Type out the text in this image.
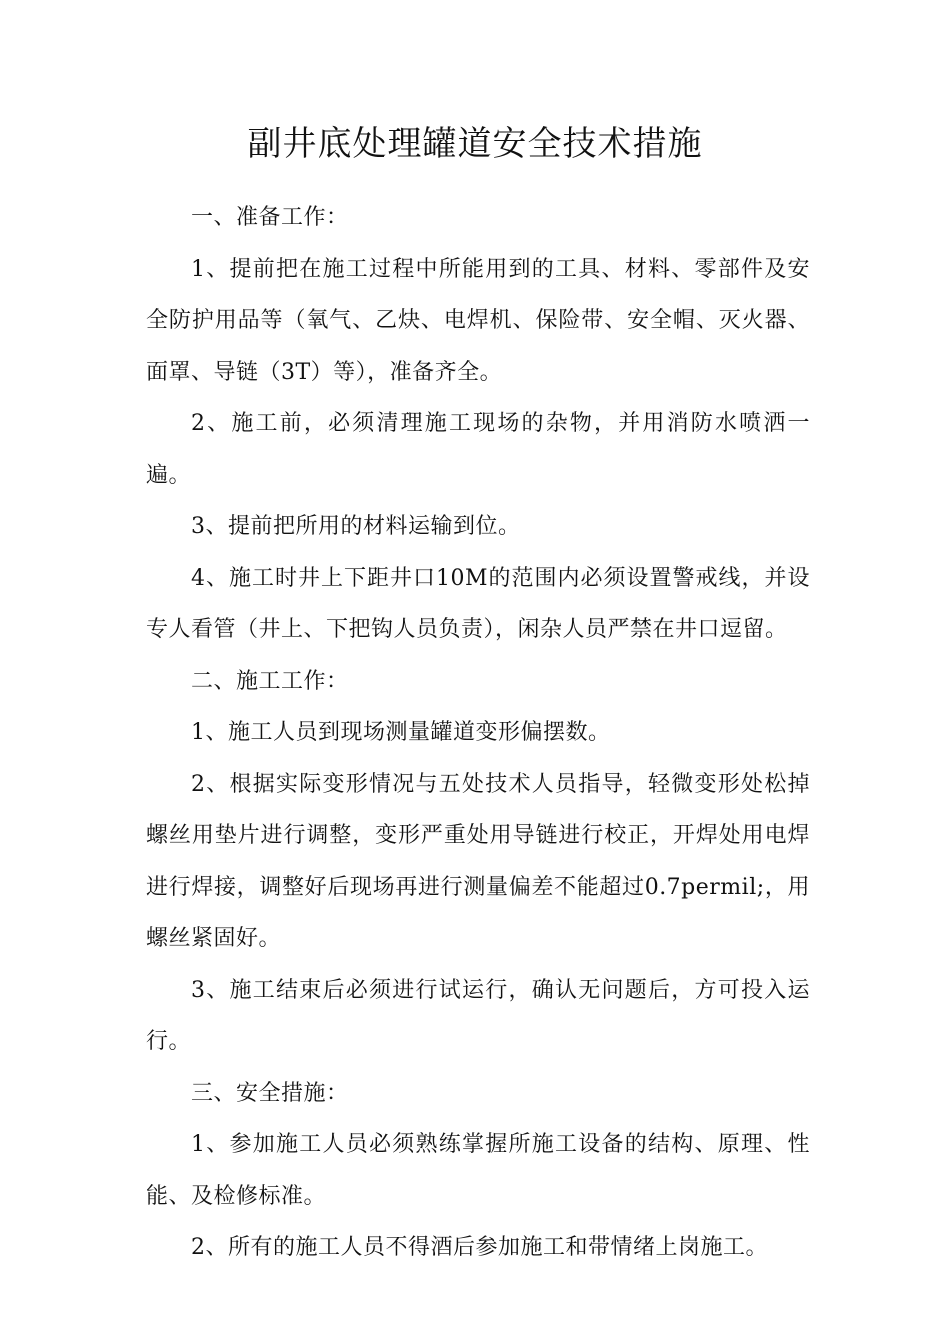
副井底处理罐道安全技术措施

一、准备工作：

1、提前把在施工过程中所能用到的工具、材料、零部件及安全防护用品等（氧气、乙炔、电焊机、保险带、安全帽、灭火器、面罩、导链（3T）等），准备齐全。

2、施工前，必须清理施工现场的杂物，并用消防水喷洒一遍。

3、提前把所用的材料运输到位。

4、施工时井上下距井口10M的范围内必须设置警戒线，并设专人看管（井上、下把钩人员负责），闲杂人员严禁在井口逗留。

二、施工工作：

1、施工人员到现场测量罐道变形偏摆数。

2、根据实际变形情况与五处技术人员指导，轻微变形处松掉螺丝用垫片进行调整，变形严重处用导链进行校正，开焊处用电焊进行焊接，调整好后现场再进行测量偏差不能超过0.7permil;，用螺丝紧固好。

3、施工结束后必须进行试运行，确认无问题后，方可投入运行。

三、安全措施：

1、参加施工人员必须熟练掌握所施工设备的结构、原理、性能、及检修标准。

2、所有的施工人员不得酒后参加施工和带情绪上岗施工。
